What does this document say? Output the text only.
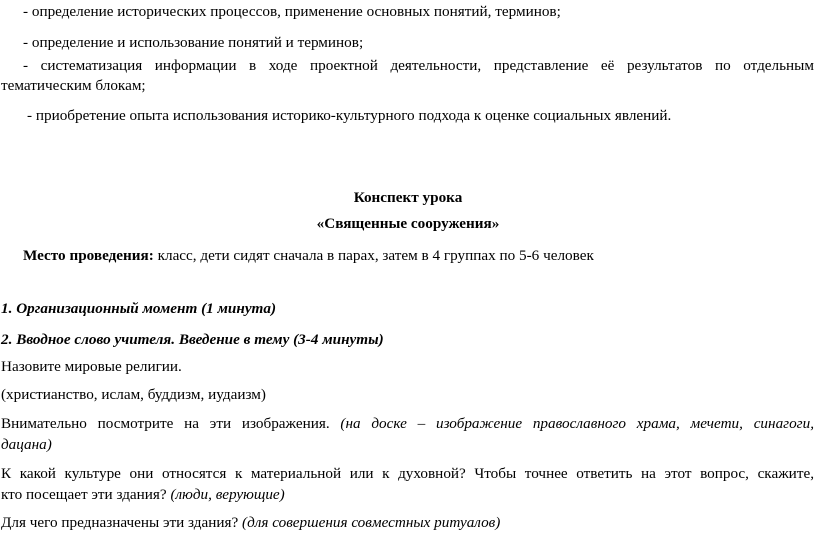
- определение исторических процессов, применение основных понятий, терминов;
- определение и использование понятий и терминов;
- систематизация информации в ходе проектной деятельности, представление её результатов по отдельным
тематическим блокам;
- приобретение опыта использования историко-культурного подхода к оценке социальных явлений.
Конспект урока
«Священные сооружения»
Место проведения: класс, дети сидят сначала в парах, затем в 4 группах по 5-6 человек
1. Организационный момент (1 минута)
2. Вводное слово учителя. Введение в тему (3-4 минуты)
Назовите мировые религии.
(христианство, ислам, буддизм, иудаизм)
Внимательно посмотрите на эти изображения. (на доске – изображение православного храма, мечети, синагоги,
дацана)
К какой культуре они относятся к материальной или к духовной? Чтобы точнее ответить на этот вопрос, скажите,
кто посещает эти здания? (люди, верующие)
Для чего предназначены эти здания? (для совершения совместных ритуалов)
